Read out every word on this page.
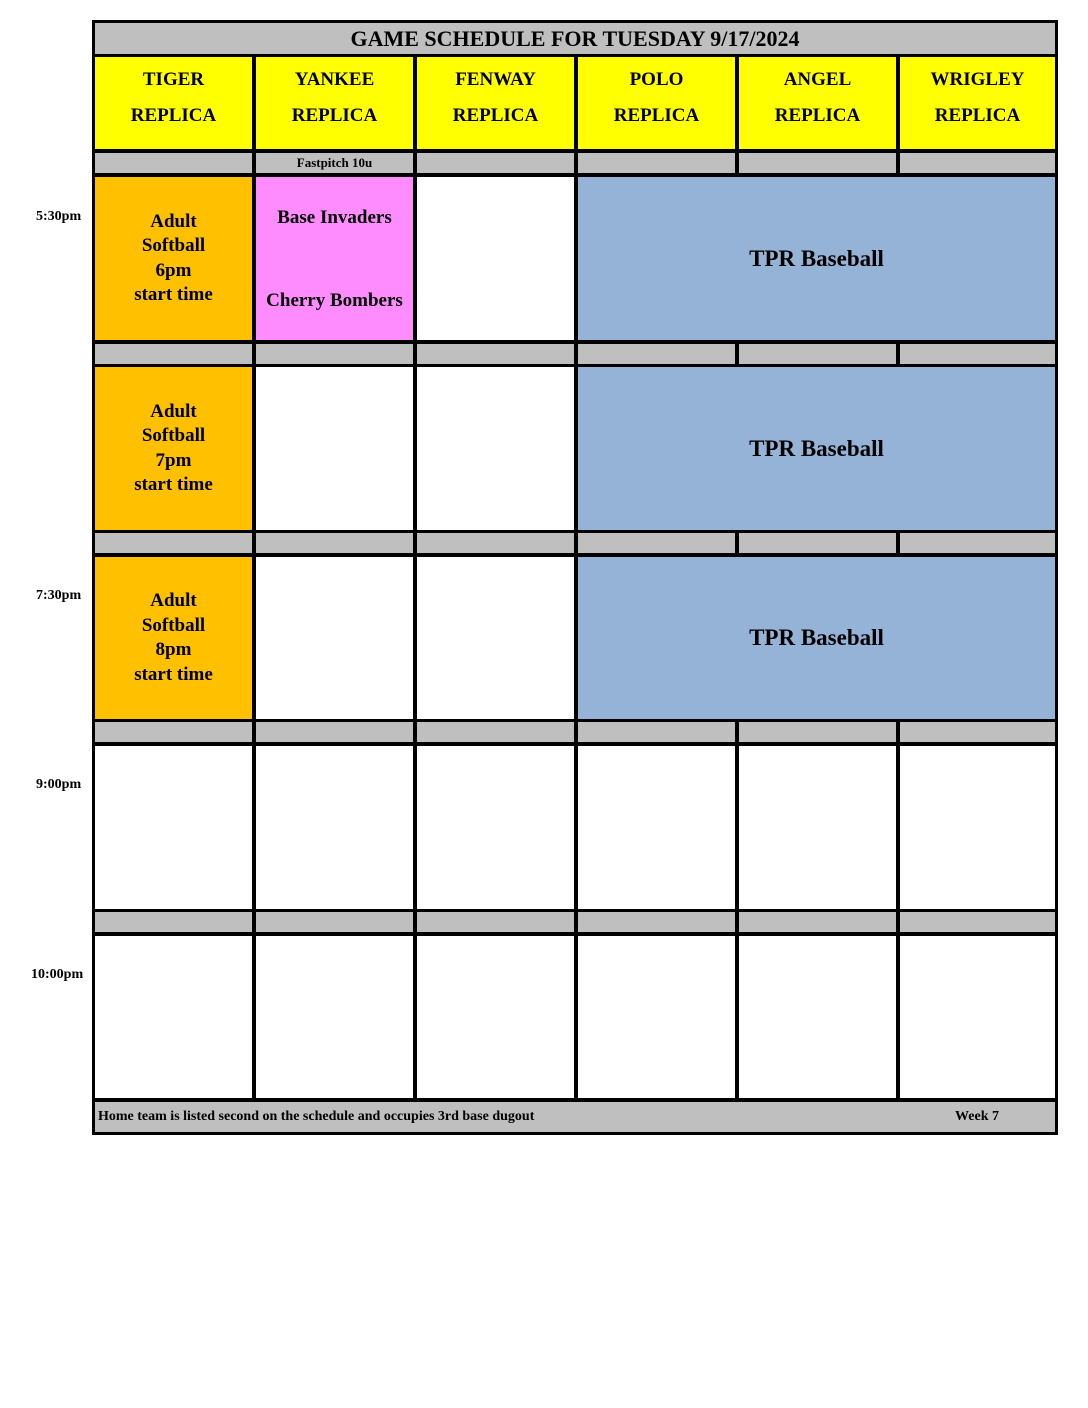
5:30pm
7:30pm
9:00pm
10:00pm
GAME SCHEDULE FOR TUESDAY 9/17/2024
TIGER
REPLICA
YANKEE
REPLICA
FENWAY
REPLICA
POLO
REPLICA
ANGEL
REPLICA
WRIGLEY
REPLICA
Fastpitch 10u
Adult
Softball
6pm
start time
Base Invaders
Cherry Bombers
TPR Baseball
Adult
Softball
7pm
start time
TPR Baseball
Adult
Softball
8pm
start time
TPR Baseball
Home team is listed second on the schedule and occupies 3rd base dugout	Week 7
